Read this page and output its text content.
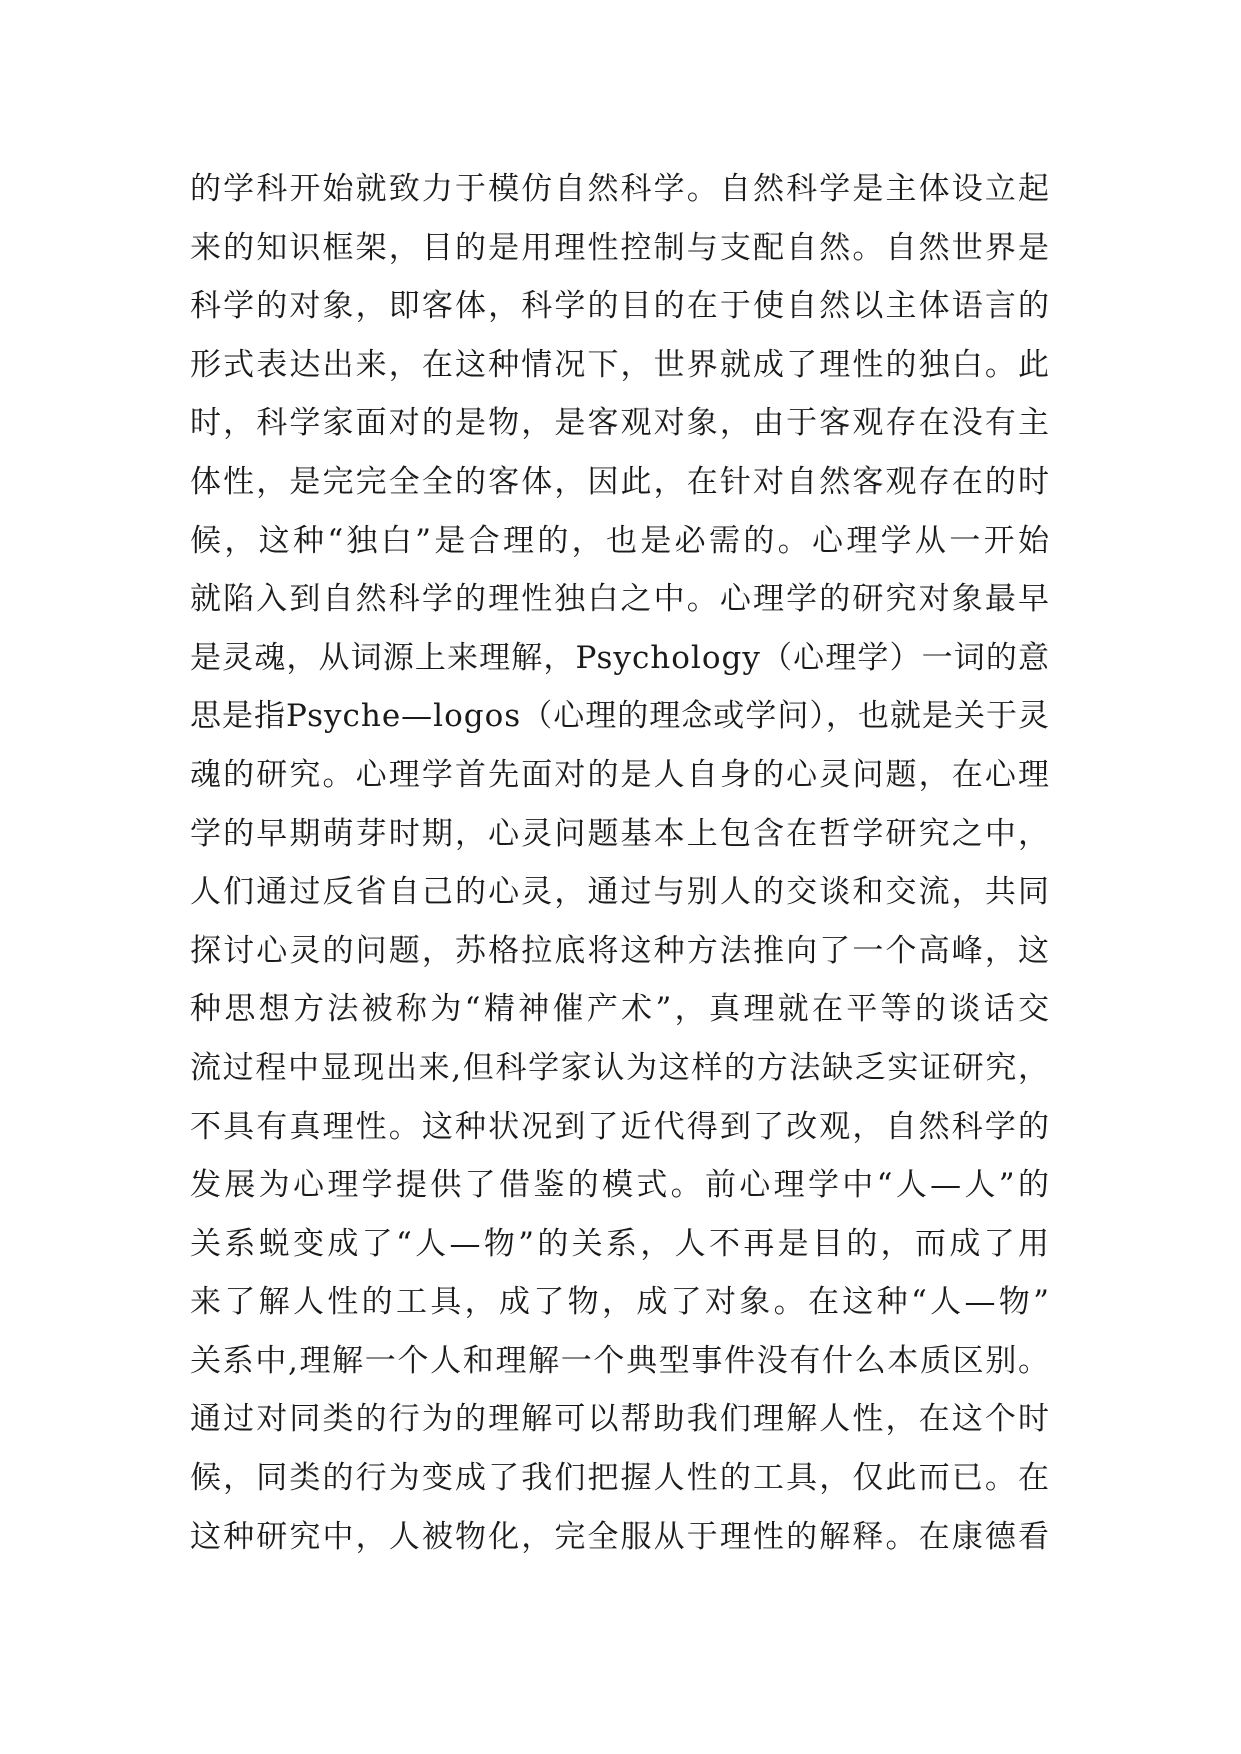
的学科开始就致力于模仿自然科学。自然科学是主体设立起
来的知识框架，目的是用理性控制与支配自然。自然世界是
科学的对象，即客体，科学的目的在于使自然以主体语言的
形式表达出来，在这种情况下，世界就成了理性的独白。此
时，科学家面对的是物，是客观对象，由于客观存在没有主
体性，是完完全全的客体，因此，在针对自然客观存在的时
候，这种“独白”是合理的，也是必需的。心理学从一开始
就陷入到自然科学的理性独白之中。心理学的研究对象最早
是灵魂，从词源上来理解，Psychology（心理学）一词的意
思是指Psyche—logos（心理的理念或学问），也就是关于灵
魂的研究。心理学首先面对的是人自身的心灵问题，在心理
学的早期萌芽时期，心灵问题基本上包含在哲学研究之中，
人们通过反省自己的心灵，通过与别人的交谈和交流，共同
探讨心灵的问题，苏格拉底将这种方法推向了一个高峰，这
种思想方法被称为“精神催产术”，真理就在平等的谈话交
流过程中显现出来,但科学家认为这样的方法缺乏实证研究，
不具有真理性。这种状况到了近代得到了改观，自然科学的
发展为心理学提供了借鉴的模式。前心理学中“人—人”的
关系蜕变成了“人—物”的关系，人不再是目的，而成了用
来了解人性的工具，成了物，成了对象。在这种“人—物”
关系中,理解一个人和理解一个典型事件没有什么本质区别。
通过对同类的行为的理解可以帮助我们理解人性，在这个时
候，同类的行为变成了我们把握人性的工具，仅此而已。在
这种研究中，人被物化，完全服从于理性的解释。在康德看
